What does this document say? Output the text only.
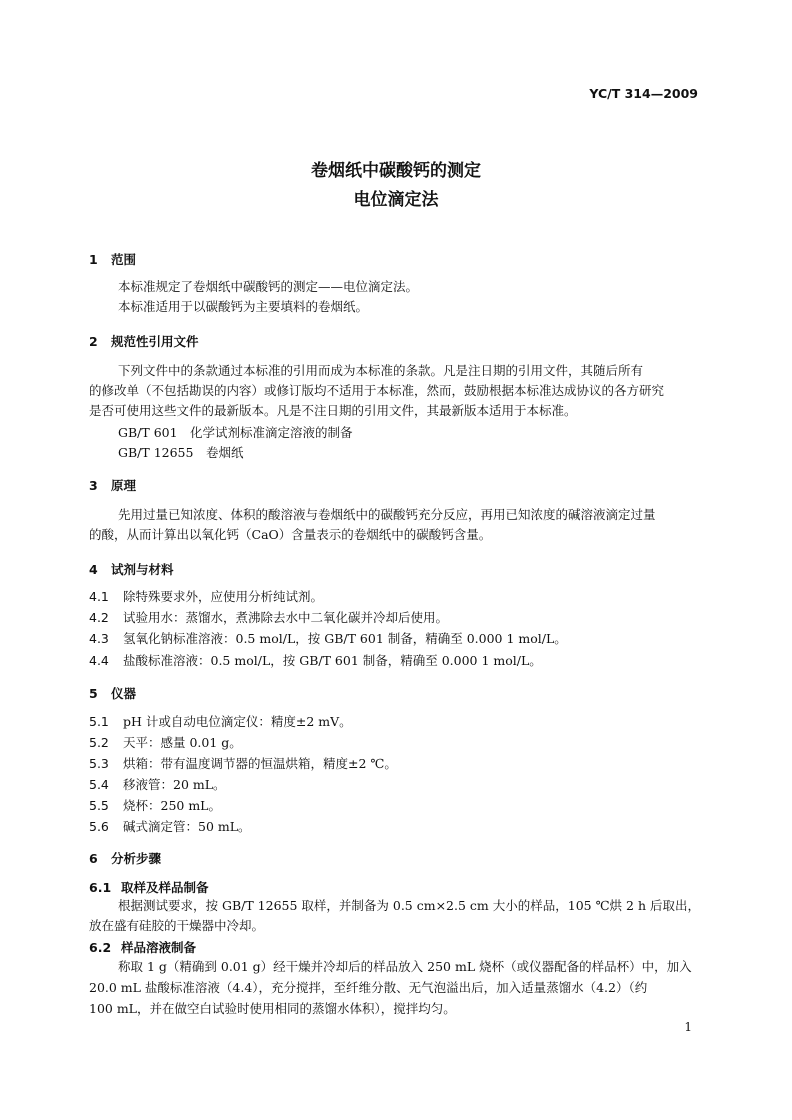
YC/T 314—2009
卷烟纸中碳酸钙的测定
电位滴定法
1 范围
本标准规定了卷烟纸中碳酸钙的测定——电位滴定法。
本标准适用于以碳酸钙为主要填料的卷烟纸。
2 规范性引用文件
下列文件中的条款通过本标准的引用而成为本标准的条款。凡是注日期的引用文件，其随后所有
的修改单（不包括勘误的内容）或修订版均不适用于本标准，然而，鼓励根据本标准达成协议的各方研究
是否可使用这些文件的最新版本。凡是不注日期的引用文件，其最新版本适用于本标准。
GB/T 601　化学试剂标准滴定溶液的制备
GB/T 12655　卷烟纸
3 原理
先用过量已知浓度、体积的酸溶液与卷烟纸中的碳酸钙充分反应，再用已知浓度的碱溶液滴定过量
的酸，从而计算出以氧化钙（CaO）含量表示的卷烟纸中的碳酸钙含量。
4 试剂与材料
4.1 除特殊要求外，应使用分析纯试剂。
4.2 试验用水：蒸馏水，煮沸除去水中二氧化碳并冷却后使用。
4.3 氢氧化钠标准溶液：0.5 mol/L，按 GB/T 601 制备，精确至 0.000 1 mol/L。
4.4 盐酸标准溶液：0.5 mol/L，按 GB/T 601 制备，精确至 0.000 1 mol/L。
5 仪器
5.1 pH 计或自动电位滴定仪：精度±2 mV。
5.2 天平：感量 0.01 g。
5.3 烘箱：带有温度调节器的恒温烘箱，精度±2 ℃。
5.4 移液管：20 mL。
5.5 烧杯：250 mL。
5.6 碱式滴定管：50 mL。
6 分析步骤
6.1 取样及样品制备
根据测试要求，按 GB/T 12655 取样，并制备为 0.5 cm×2.5 cm 大小的样品，105 ℃烘 2 h 后取出，
放在盛有硅胶的干燥器中冷却。
6.2 样品溶液制备
称取 1 g（精确到 0.01 g）经干燥并冷却后的样品放入 250 mL 烧杯（或仪器配备的样品杯）中，加入
20.0 mL 盐酸标准溶液（4.4），充分搅拌，至纤维分散、无气泡溢出后，加入适量蒸馏水（4.2）（约
100 mL，并在做空白试验时使用相同的蒸馏水体积），搅拌均匀。
1
